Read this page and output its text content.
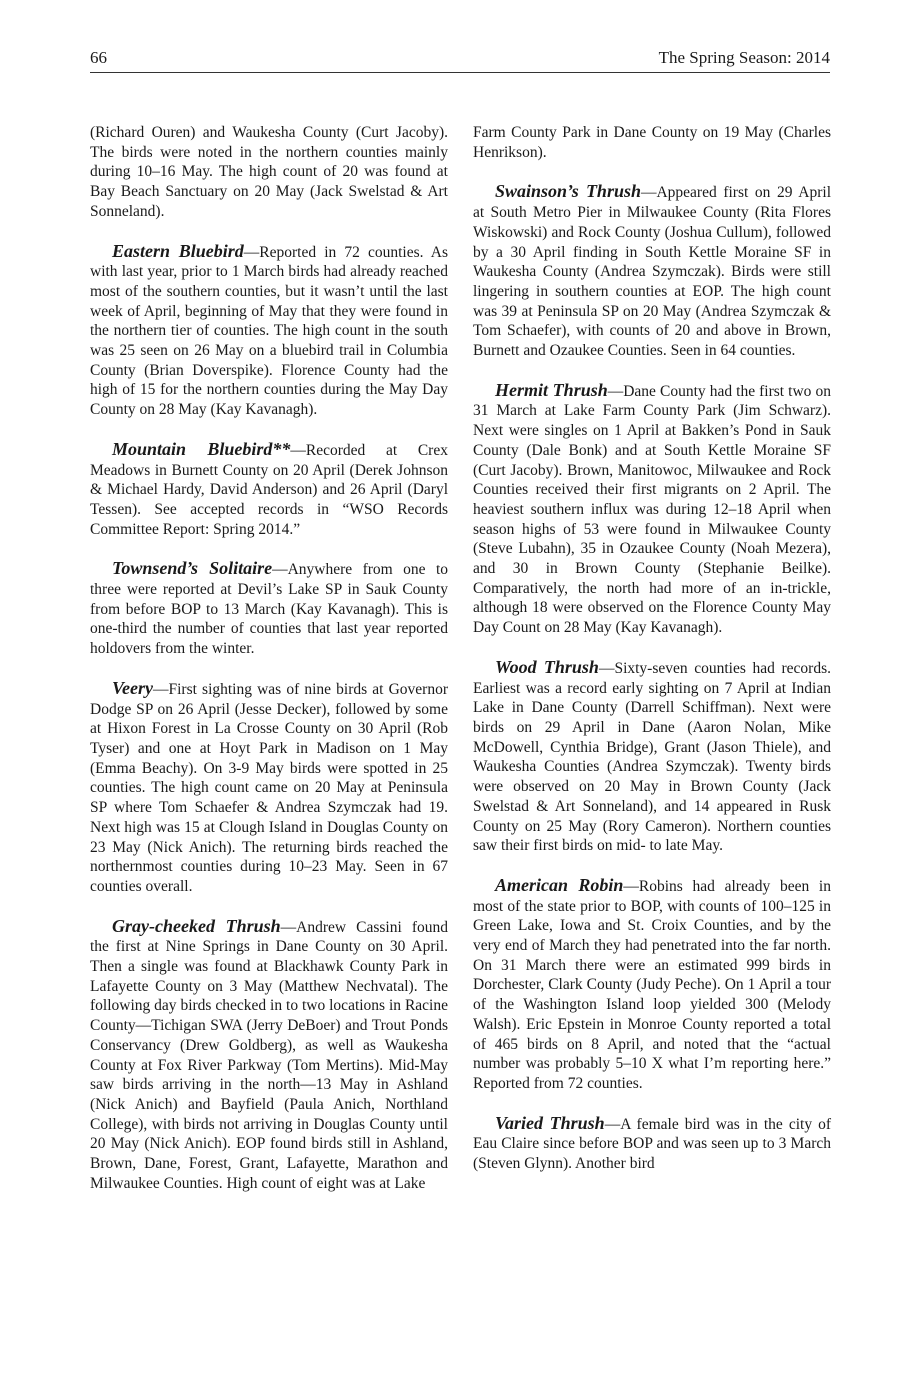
66	The Spring Season: 2014

(Richard Ouren) and Waukesha County (Curt Jacoby). The birds were noted in the northern counties mainly during 10–16 May. The high count of 20 was found at Bay Beach Sanctuary on 20 May (Jack Swelstad & Art Sonneland).

Eastern Bluebird—Reported in 72 counties. As with last year, prior to 1 March birds had already reached most of the southern counties, but it wasn’t until the last week of April, beginning of May that they were found in the northern tier of counties. The high count in the south was 25 seen on 26 May on a bluebird trail in Columbia County (Brian Doverspike). Florence County had the high of 15 for the northern counties during the May Day County on 28 May (Kay Kavanagh).

Mountain Bluebird**—Recorded at Crex Meadows in Burnett County on 20 April (Derek Johnson & Michael Hardy, David Anderson) and 26 April (Daryl Tessen). See accepted records in “WSO Records Committee Report: Spring 2014.”

Townsend’s Solitaire—Anywhere from one to three were reported at Devil’s Lake SP in Sauk County from before BOP to 13 March (Kay Kavanagh). This is one-third the number of counties that last year reported holdovers from the winter.

Veery—First sighting was of nine birds at Governor Dodge SP on 26 April (Jesse Decker), followed by some at Hixon Forest in La Crosse County on 30 April (Rob Tyser) and one at Hoyt Park in Madison on 1 May (Emma Beachy). On 3-9 May birds were spotted in 25 counties. The high count came on 20 May at Peninsula SP where Tom Schaefer & Andrea Szymczak had 19. Next high was 15 at Clough Island in Douglas County on 23 May (Nick Anich). The returning birds reached the northernmost counties during 10–23 May. Seen in 67 counties overall.

Gray-cheeked Thrush—Andrew Cassini found the first at Nine Springs in Dane County on 30 April. Then a single was found at Blackhawk County Park in Lafayette County on 3 May (Matthew Nechvatal). The following day birds checked in to two locations in Racine County—Tichigan SWA (Jerry DeBoer) and Trout Ponds Conservancy (Drew Goldberg), as well as Waukesha County at Fox River Parkway (Tom Mertins). Mid-May saw birds arriving in the north—13 May in Ashland (Nick Anich) and Bayfield (Paula Anich, Northland College), with birds not arriving in Douglas County until 20 May (Nick Anich). EOP found birds still in Ashland, Brown, Dane, Forest, Grant, Lafayette, Marathon and Milwaukee Counties. High count of eight was at Lake

Farm County Park in Dane County on 19 May (Charles Henrikson).

Swainson’s Thrush—Appeared first on 29 April at South Metro Pier in Milwaukee County (Rita Flores Wiskowski) and Rock County (Joshua Cullum), followed by a 30 April finding in South Kettle Moraine SF in Waukesha County (Andrea Szymczak). Birds were still lingering in southern counties at EOP. The high count was 39 at Peninsula SP on 20 May (Andrea Szymczak & Tom Schaefer), with counts of 20 and above in Brown, Burnett and Ozaukee Counties. Seen in 64 counties.

Hermit Thrush—Dane County had the first two on 31 March at Lake Farm County Park (Jim Schwarz). Next were singles on 1 April at Bakken’s Pond in Sauk County (Dale Bonk) and at South Kettle Moraine SF (Curt Jacoby). Brown, Manitowoc, Milwaukee and Rock Counties received their first migrants on 2 April. The heaviest southern influx was during 12–18 April when season highs of 53 were found in Milwaukee County (Steve Lubahn), 35 in Ozaukee County (Noah Mezera), and 30 in Brown County (Stephanie Beilke). Comparatively, the north had more of an in-trickle, although 18 were observed on the Florence County May Day Count on 28 May (Kay Kavanagh).

Wood Thrush—Sixty-seven counties had records. Earliest was a record early sighting on 7 April at Indian Lake in Dane County (Darrell Schiffman). Next were birds on 29 April in Dane (Aaron Nolan, Mike McDowell, Cynthia Bridge), Grant (Jason Thiele), and Waukesha Counties (Andrea Szymczak). Twenty birds were observed on 20 May in Brown County (Jack Swelstad & Art Sonneland), and 14 appeared in Rusk County on 25 May (Rory Cameron). Northern counties saw their first birds on mid- to late May.

American Robin—Robins had already been in most of the state prior to BOP, with counts of 100–125 in Green Lake, Iowa and St. Croix Counties, and by the very end of March they had penetrated into the far north. On 31 March there were an estimated 999 birds in Dorchester, Clark County (Judy Peche). On 1 April a tour of the Washington Island loop yielded 300 (Melody Walsh). Eric Epstein in Monroe County reported a total of 465 birds on 8 April, and noted that the “actual number was probably 5–10 X what I’m reporting here.” Reported from 72 counties.

Varied Thrush—A female bird was in the city of Eau Claire since before BOP and was seen up to 3 March (Steven Glynn). Another bird
